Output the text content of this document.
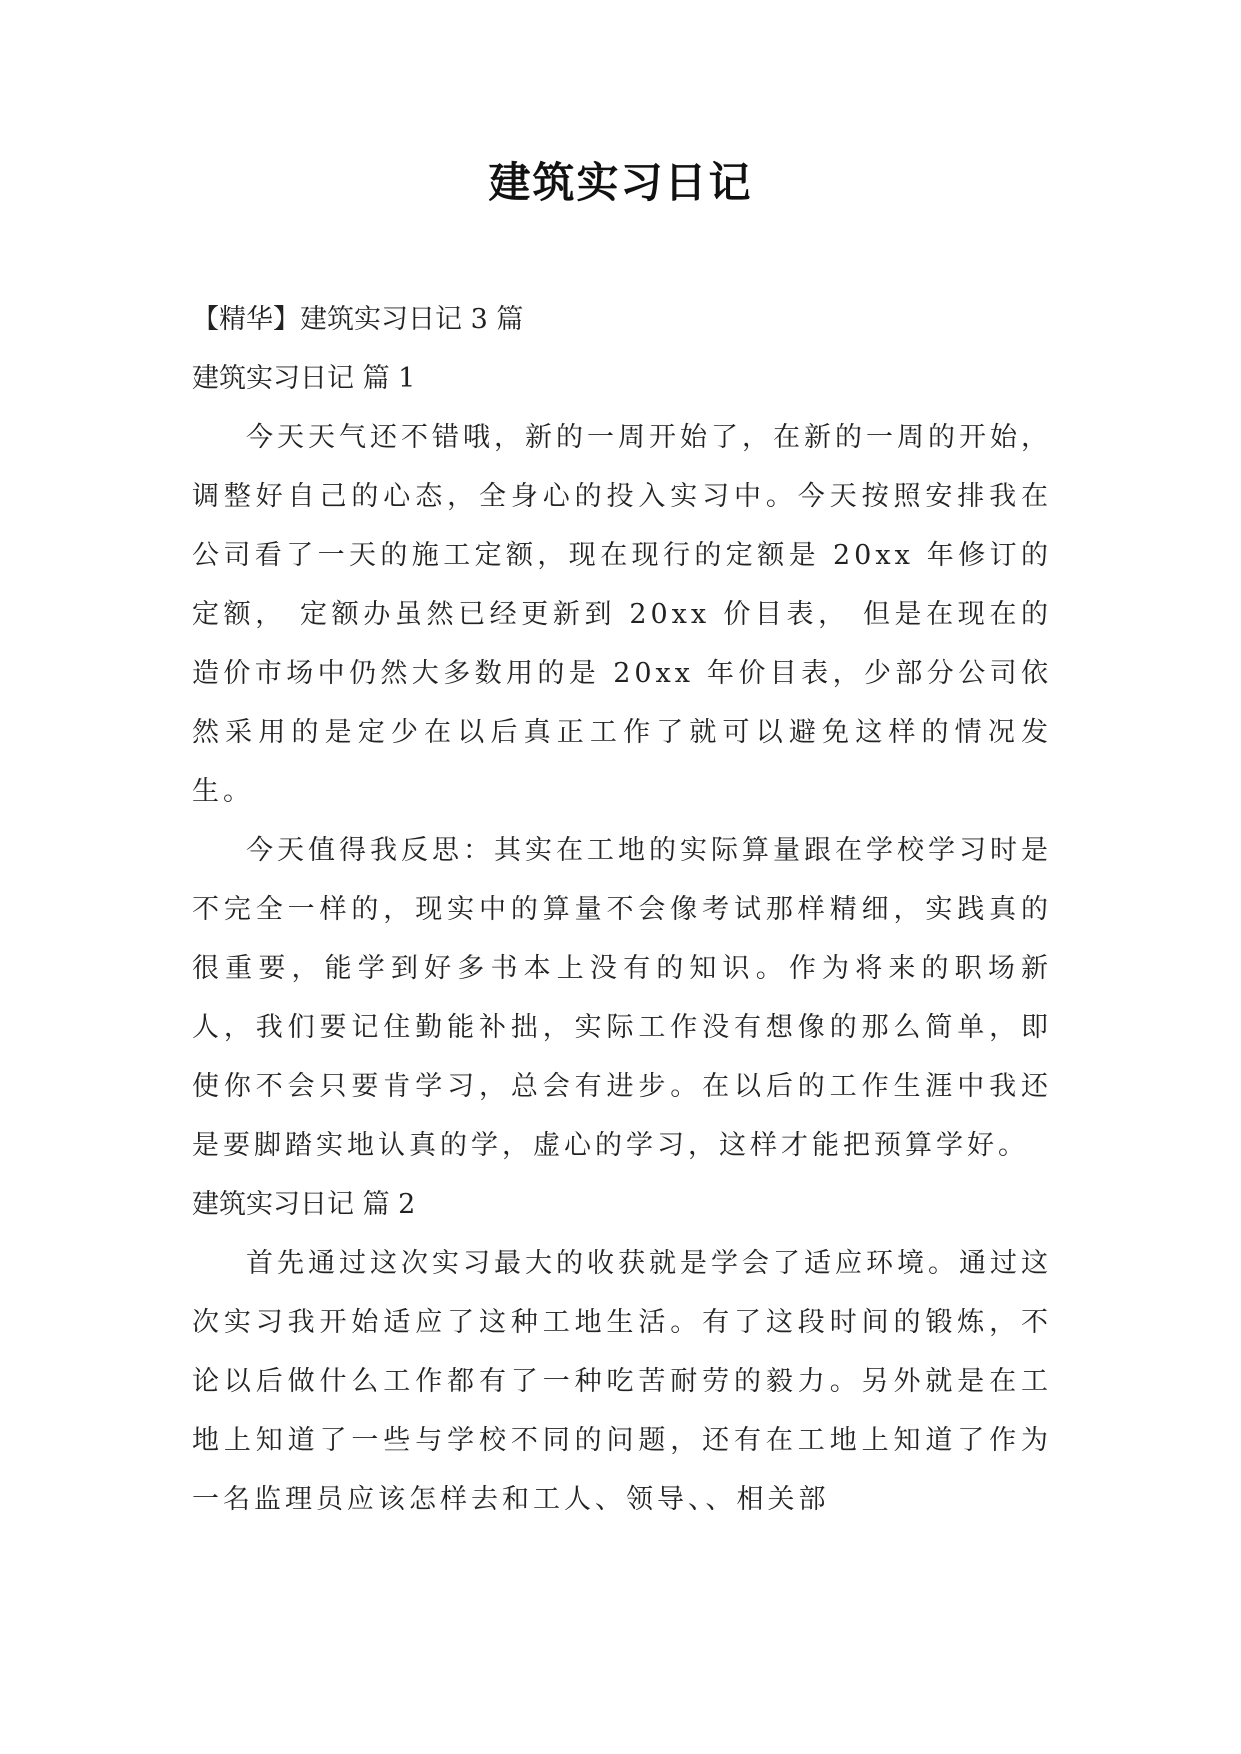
建筑实习日记

【精华】建筑实习日记 3 篇

建筑实习日记 篇 1

今天天气还不错哦，新的一周开始了，在新的一周的开始，调整好自己的心态，全身心的投入实习中。今天按照安排我在公司看了一天的施工定额，现在现行的定额是 20xx 年修订的定额， 定额办虽然已经更新到 20xx 价目表， 但是在现在的造价市场中仍然大多数用的是 20xx 年价目表，少部分公司依然采用的是定少在以后真正工作了就可以避免这样的情况发生。

今天值得我反思：其实在工地的实际算量跟在学校学习时是不完全一样的，现实中的算量不会像考试那样精细，实践真的很重要，能学到好多书本上没有的知识。作为将来的职场新人，我们要记住勤能补拙，实际工作没有想像的那么简单，即使你不会只要肯学习，总会有进步。在以后的工作生涯中我还是要脚踏实地认真的学，虚心的学习，这样才能把预算学好。

建筑实习日记 篇 2

首先通过这次实习最大的收获就是学会了适应环境。通过这次实习我开始适应了这种工地生活。有了这段时间的锻炼，不论以后做什么工作都有了一种吃苦耐劳的毅力。另外就是在工地上知道了一些与学校不同的问题，还有在工地上知道了作为一名监理员应该怎样去和工人、领导、、相关部
